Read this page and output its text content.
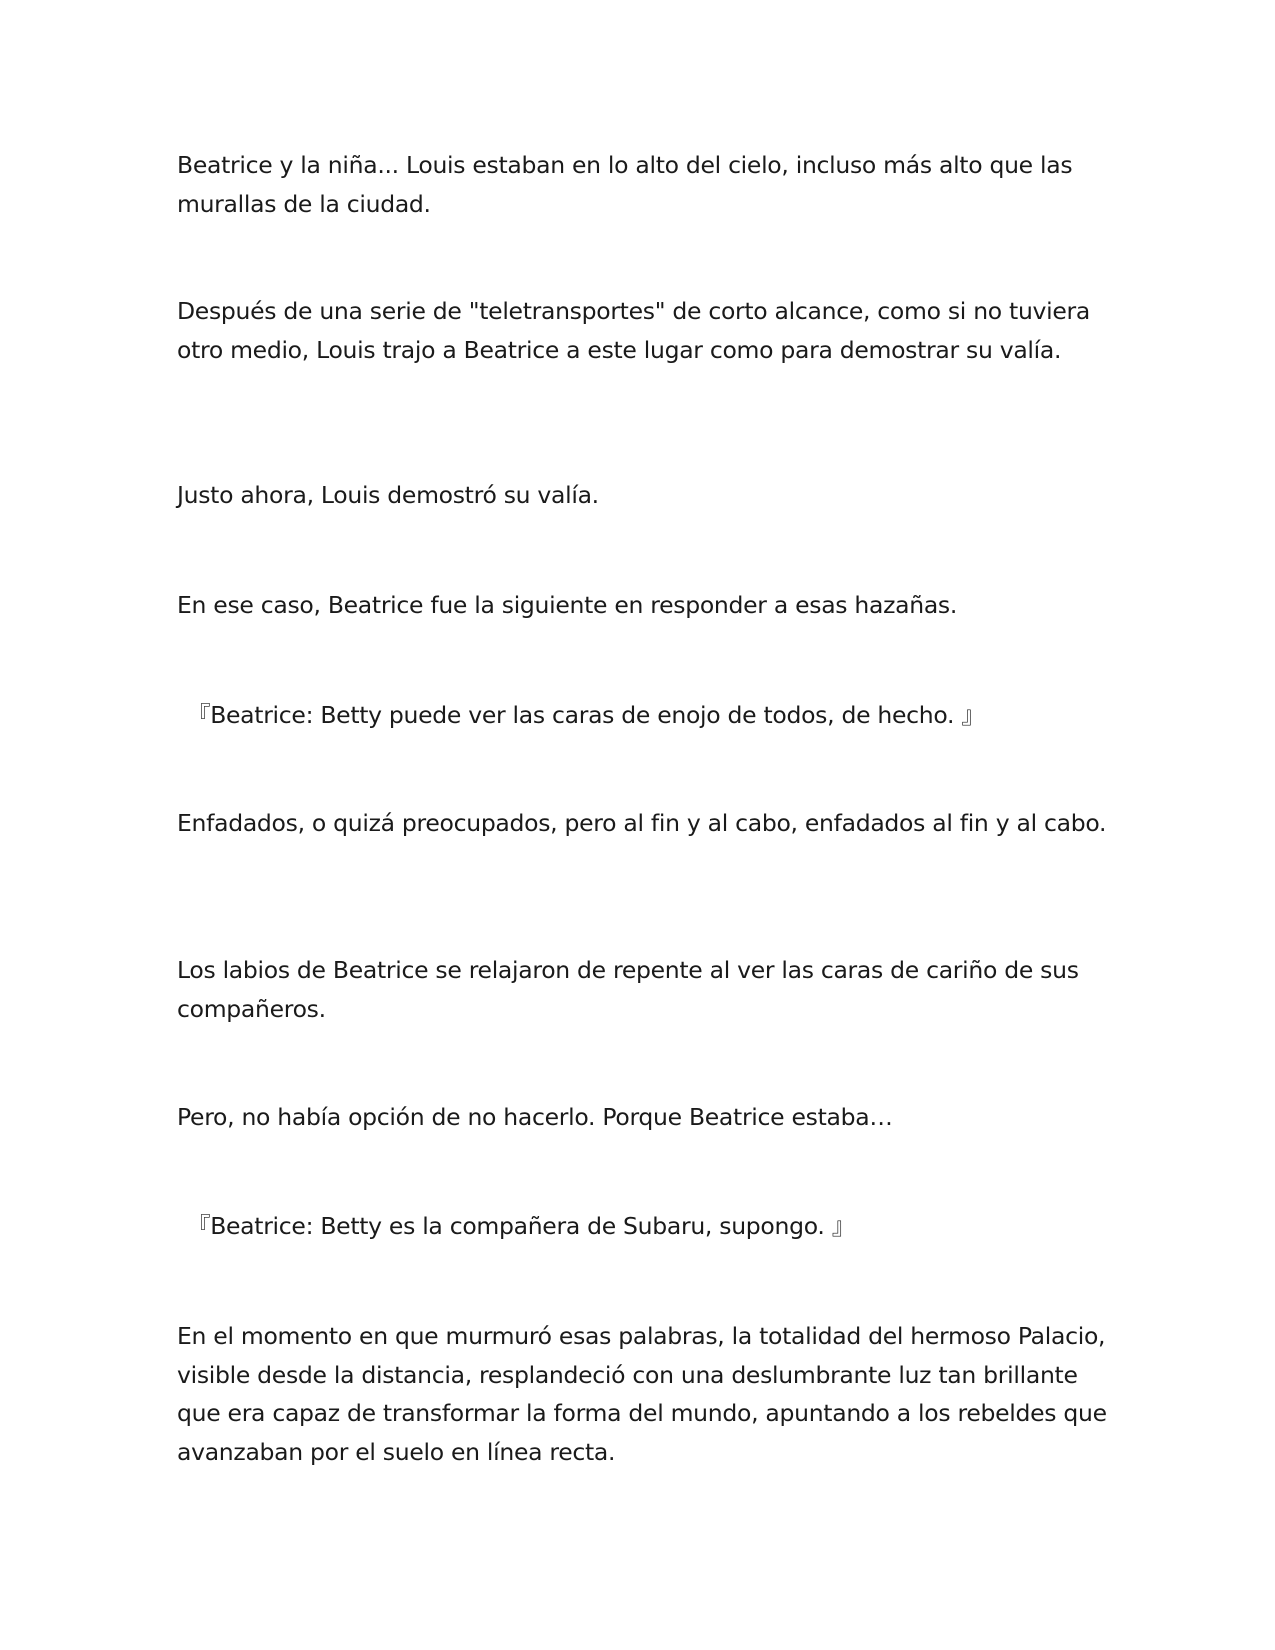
Beatrice y la niña... Louis estaban en lo alto del cielo, incluso más alto que las murallas de la ciudad.

Después de una serie de "teletransportes" de corto alcance, como si no tuviera otro medio, Louis trajo a Beatrice a este lugar como para demostrar su valía.

Justo ahora, Louis demostró su valía.

En ese caso, Beatrice fue la siguiente en responder a esas hazañas.

『Beatrice: Betty puede ver las caras de enojo de todos, de hecho. 』

Enfadados, o quizá preocupados, pero al fin y al cabo, enfadados al fin y al cabo.

Los labios de Beatrice se relajaron de repente al ver las caras de cariño de sus compañeros.

Pero, no había opción de no hacerlo. Porque Beatrice estaba…

『Beatrice: Betty es la compañera de Subaru, supongo. 』

En el momento en que murmuró esas palabras, la totalidad del hermoso Palacio, visible desde la distancia, resplandeció con una deslumbrante luz tan brillante que era capaz de transformar la forma del mundo, apuntando a los rebeldes que avanzaban por el suelo en línea recta.
